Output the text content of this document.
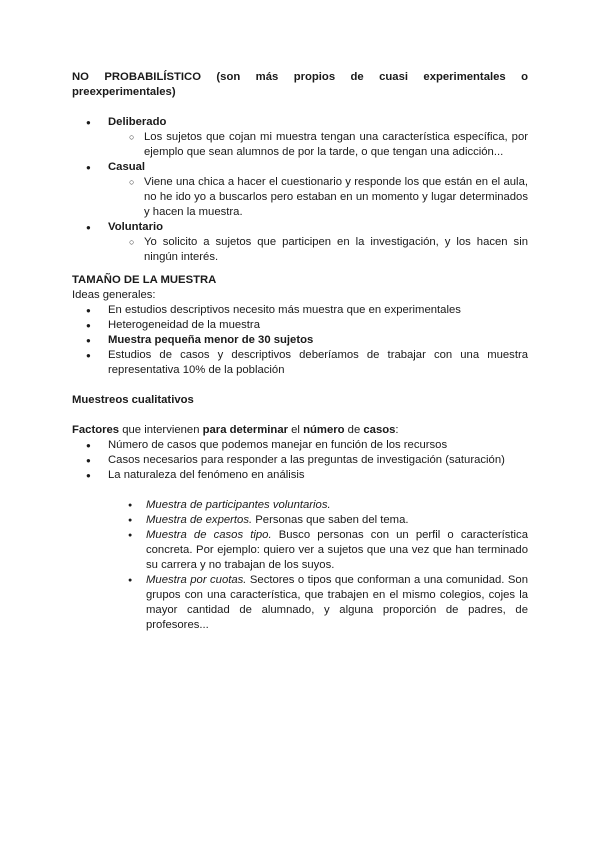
NO PROBABILÍSTICO (son más propios de cuasi experimentales o preexperimentales)
● Deliberado
○ Los sujetos que cojan mi muestra tengan una característica específica, por ejemplo que sean alumnos de por la tarde, o que tengan una adicción...
● Casual
○ Viene una chica a hacer el cuestionario y responde los que están en el aula, no he ido yo a buscarlos pero estaban en un momento y lugar determinados y hacen la muestra.
● Voluntario
○ Yo solicito a sujetos que participen en la investigación, y los hacen sin ningún interés.
TAMAÑO DE LA MUESTRA
Ideas generales:
● En estudios descriptivos necesito más muestra que en experimentales
● Heterogeneidad de la muestra
● Muestra pequeña menor de 30 sujetos
● Estudios de casos y descriptivos deberíamos de trabajar con una muestra representativa 10% de la población
Muestreos cualitativos
Factores que intervienen para determinar el número de casos:
● Número de casos que podemos manejar en función de los recursos
● Casos necesarios para responder a las preguntas de investigación (saturación)
● La naturaleza del fenómeno en análisis
● Muestra de participantes voluntarios.
● Muestra de expertos. Personas que saben del tema.
● Muestra de casos tipo. Busco personas con un perfil o característica concreta. Por ejemplo: quiero ver a sujetos que una vez que han terminado su carrera y no trabajan de los suyos.
● Muestra por cuotas. Sectores o tipos que conforman a una comunidad. Son grupos con una característica, que trabajen en el mismo colegios, cojes la mayor cantidad de alumnado, y alguna proporción de padres, de profesores...
